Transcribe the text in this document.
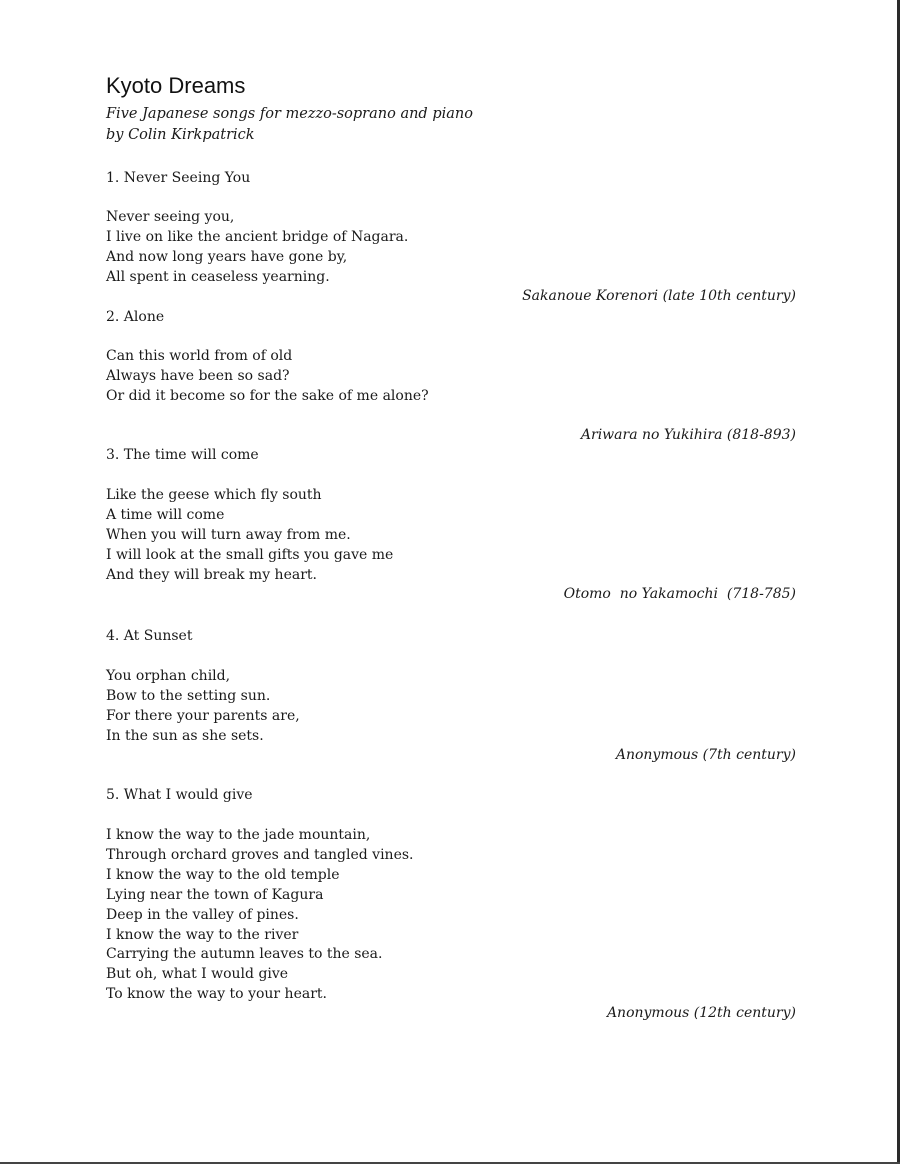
Kyoto Dreams
Five Japanese songs for mezzo-soprano and piano
by Colin Kirkpatrick
1. Never Seeing You
Never seeing you,
I live on like the ancient bridge of Nagara.
And now long years have gone by,
All spent in ceaseless yearning.
Sakanoue Korenori (late 10th century)
2. Alone
Can this world from of old
Always have been so sad?
Or did it become so for the sake of me alone?
Ariwara no Yukihira (818-893)
3. The time will come
Like the geese which fly south
A time will come
When you will turn away from me.
I will look at the small gifts you gave me
And they will break my heart.
Otomo  no Yakamochi  (718-785)
4. At Sunset
You orphan child,
Bow to the setting sun.
For there your parents are,
In the sun as she sets.
Anonymous (7th century)
5. What I would give
I know the way to the jade mountain,
Through orchard groves and tangled vines.
I know the way to the old temple
Lying near the town of Kagura
Deep in the valley of pines.
I know the way to the river
Carrying the autumn leaves to the sea.
But oh, what I would give
To know the way to your heart.
Anonymous (12th century)
